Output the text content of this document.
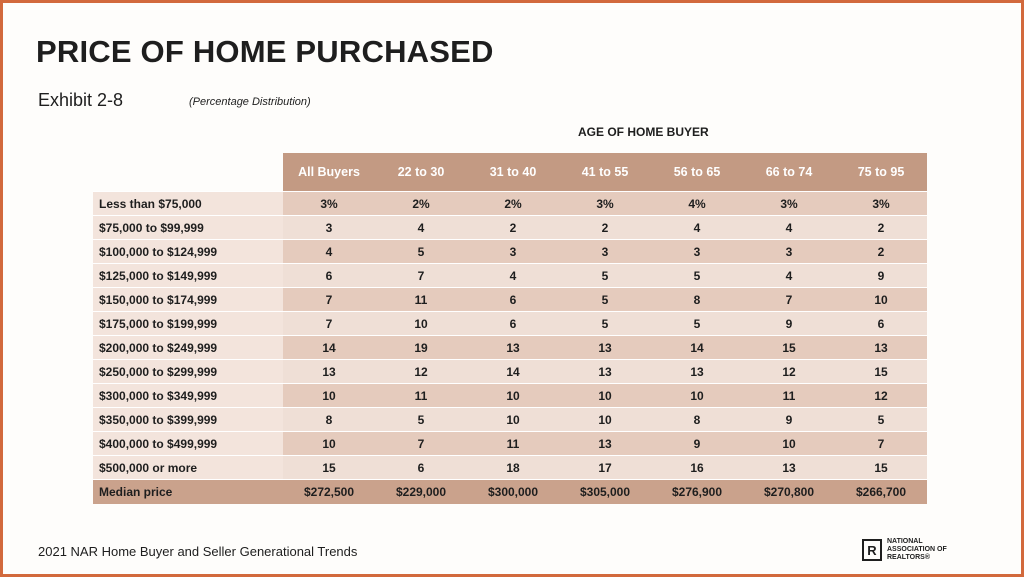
PRICE OF HOME PURCHASED
Exhibit 2-8	(Percentage Distribution)
AGE OF HOME BUYER
	All Buyers	22 to 30	31 to 40	41 to 55	56 to 65	66 to 74	75 to 95
Less than $75,000	3%	2%	2%	3%	4%	3%	3%
$75,000 to $99,999	3	4	2	2	4	4	2
$100,000 to $124,999	4	5	3	3	3	3	2
$125,000 to $149,999	6	7	4	5	5	4	9
$150,000 to $174,999	7	11	6	5	8	7	10
$175,000 to $199,999	7	10	6	5	5	9	6
$200,000 to $249,999	14	19	13	13	14	15	13
$250,000 to $299,999	13	12	14	13	13	12	15
$300,000 to $349,999	10	11	10	10	10	11	12
$350,000 to $399,999	8	5	10	10	8	9	5
$400,000 to $499,999	10	7	11	13	9	10	7
$500,000 or more	15	6	18	17	16	13	15
Median price	$272,500	$229,000	$300,000	$305,000	$276,900	$270,800	$266,700
2021 NAR Home Buyer and Seller Generational Trends	R
NATIONAL ASSOCIATION OF REALTORS®
